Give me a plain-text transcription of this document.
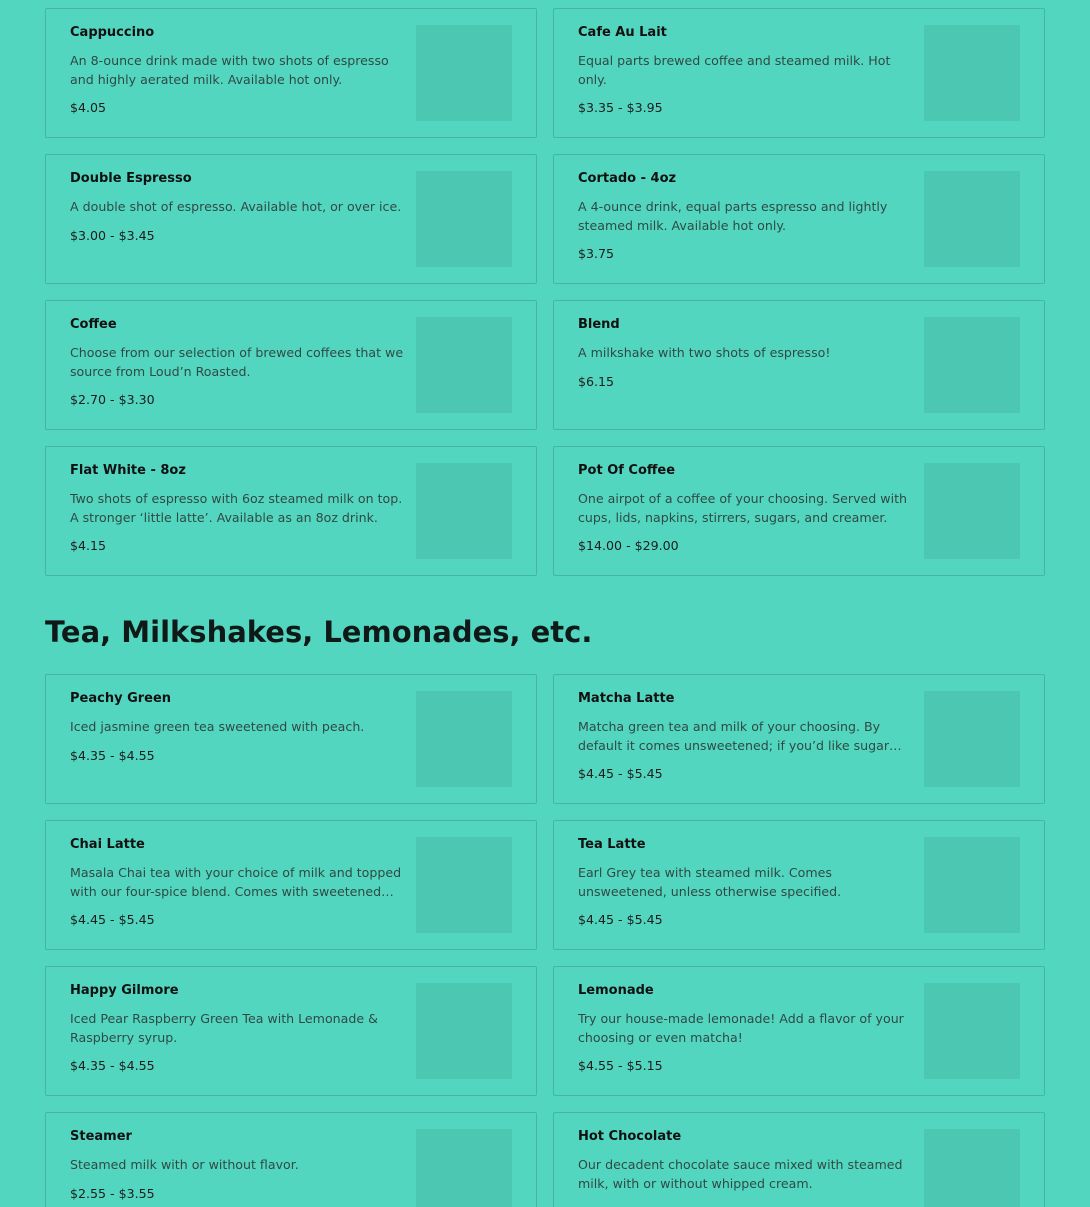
Cappuccino
An 8-ounce drink made with two shots of espresso and highly aerated milk. Available hot only.
$4.05
Cafe Au Lait
Equal parts brewed coffee and steamed milk. Hot only.
$3.35 - $3.95
Double Espresso
A double shot of espresso. Available hot, or over ice.
$3.00 - $3.45
Cortado - 4oz
A 4-ounce drink, equal parts espresso and lightly steamed milk. Available hot only.
$3.75
Coffee
Choose from our selection of brewed coffees that we source from Loud’n Roasted.
$2.70 - $3.30
Blend
A milkshake with two shots of espresso!
$6.15
Flat White - 8oz
Two shots of espresso with 6oz steamed milk on top. A stronger ‘little latte’. Available as an 8oz drink.
$4.15
Pot Of Coffee
One airpot of a coffee of your choosing. Served with cups, lids, napkins, stirrers, sugars, and creamer.
$14.00 - $29.00
Tea, Milkshakes, Lemonades, etc.
Peachy Green
Iced jasmine green tea sweetened with peach.
$4.35 - $4.55
Matcha Latte
Matcha green tea and milk of your choosing. By default it comes unsweetened; if you’d like sugar
$4.45 - $5.45
Chai Latte
Masala Chai tea with your choice of milk and topped with our four-spice blend. Comes with sweetened
$4.45 - $5.45
Tea Latte
Earl Grey tea with steamed milk. Comes unsweetened, unless otherwise specified.
$4.45 - $5.45
Happy Gilmore
Iced Pear Raspberry Green Tea with Lemonade & Raspberry syrup.
$4.35 - $4.55
Lemonade
Try our house-made lemonade! Add a flavor of your choosing or even matcha!
$4.55 - $5.15
Steamer
Steamed milk with or without flavor.
$2.55 - $3.55
Hot Chocolate
Our decadent chocolate sauce mixed with steamed milk, with or without whipped cream.
